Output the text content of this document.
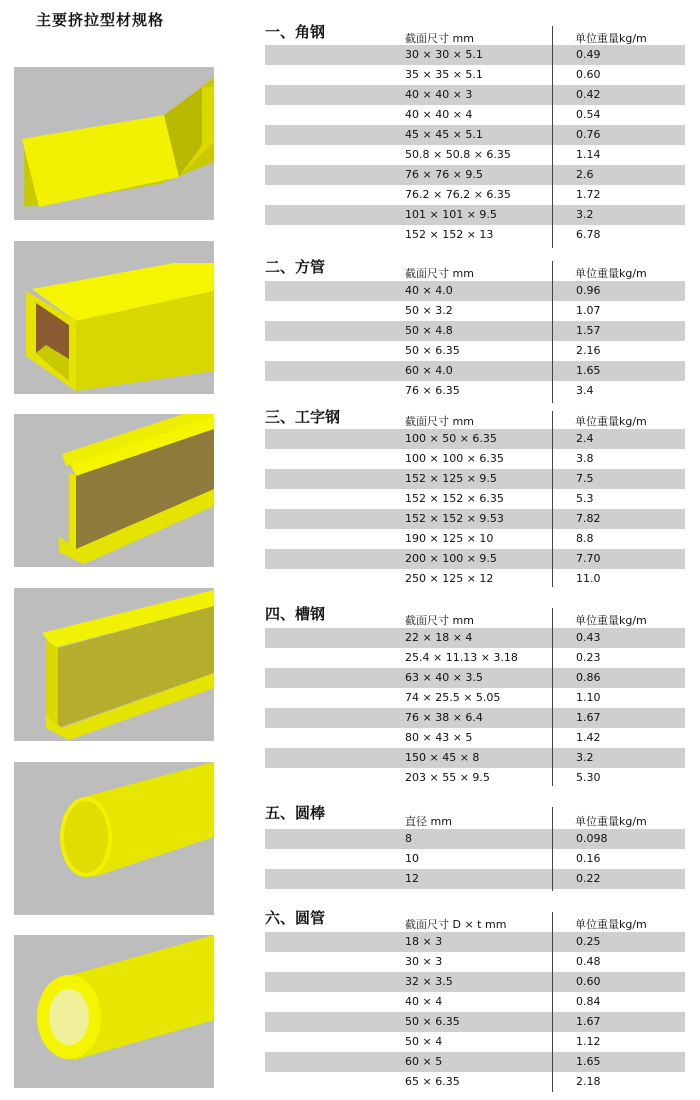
主要挤拉型材规格
一、角钢	截面尺寸 mm	单位重量kg/m
30 × 30 × 5.1	0.49
35 × 35 × 5.1	0.60
40 × 40 × 3	0.42
40 × 40 × 4	0.54
45 × 45 × 5.1	0.76
50.8 × 50.8 × 6.35	1.14
76 × 76 × 9.5	2.6
76.2 × 76.2 × 6.35	1.72
101 × 101 × 9.5	3.2
152 × 152 × 13	6.78
二、方管	截面尺寸 mm	单位重量kg/m
40 × 4.0	0.96
50 × 3.2	1.07
50 × 4.8	1.57
50 × 6.35	2.16
60 × 4.0	1.65
76 × 6.35	3.4
三、工字钢	截面尺寸 mm	单位重量kg/m
100 × 50 × 6.35	2.4
100 × 100 × 6.35	3.8
152 × 125 × 9.5	7.5
152 × 152 × 6.35	5.3
152 × 152 × 9.53	7.82
190 × 125 × 10	8.8
200 × 100 × 9.5	7.70
250 × 125 × 12	11.0
四、槽钢	截面尺寸 mm	单位重量kg/m
22 × 18 × 4	0.43
25.4 × 11.13 × 3.18	0.23
63 × 40 × 3.5	0.86
74 × 25.5 × 5.05	1.10
76 × 38 × 6.4	1.67
80 × 43 × 5	1.42
150 × 45 × 8	3.2
203 × 55 × 9.5	5.30
五、圆棒	直径 mm	单位重量kg/m
8	0.098
10	0.16
12	0.22
六、圆管	截面尺寸 D × t mm	单位重量kg/m
18 × 3	0.25
30 × 3	0.48
32 × 3.5	0.60
40 × 4	0.84
50 × 6.35	1.67
50 × 4	1.12
60 × 5	1.65
65 × 6.35	2.18
